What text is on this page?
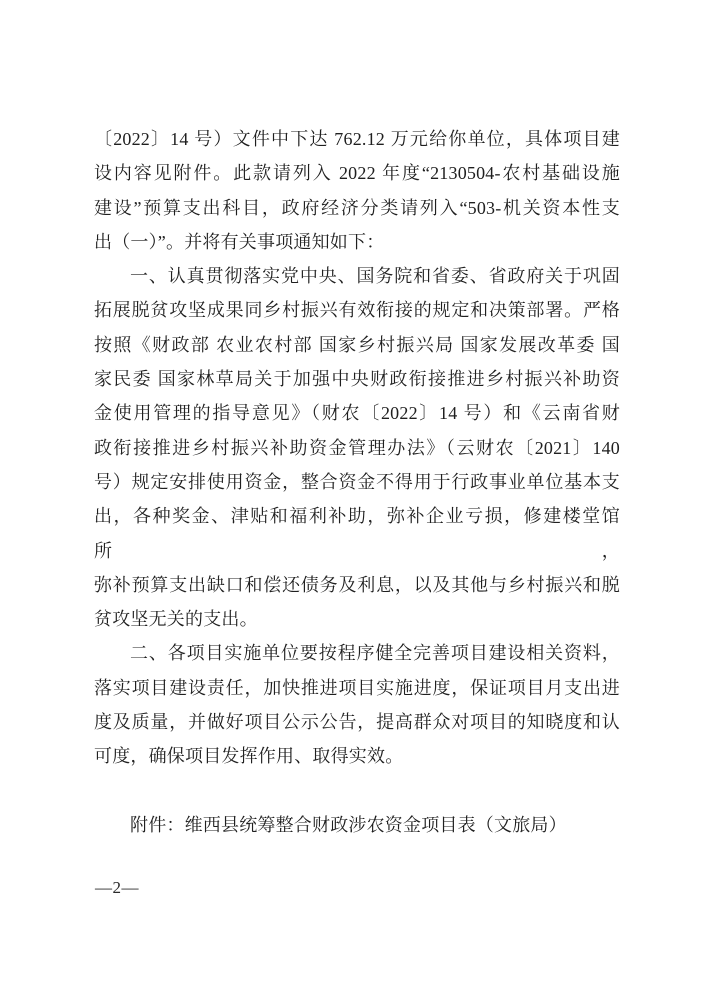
〔2022〕14 号）文件中下达 762.12 万元给你单位，具体项目建
设内容见附件。此款请列入 2022 年度“2130504-农村基础设施
建设”预算支出科目，政府经济分类请列入“503-机关资本性支
出（一）”。并将有关事项通知如下：
一、认真贯彻落实党中央、国务院和省委、省政府关于巩固
拓展脱贫攻坚成果同乡村振兴有效衔接的规定和决策部署。严格
按照《财政部 农业农村部 国家乡村振兴局 国家发展改革委 国
家民委 国家林草局关于加强中央财政衔接推进乡村振兴补助资
金使用管理的指导意见》（财农〔2022〕14 号）和《云南省财
政衔接推进乡村振兴补助资金管理办法》（云财农〔2021〕140
号）规定安排使用资金，整合资金不得用于行政事业单位基本支
出，各种奖金、津贴和福利补助，弥补企业亏损，修建楼堂馆所，
弥补预算支出缺口和偿还债务及利息，以及其他与乡村振兴和脱
贫攻坚无关的支出。
二、各项目实施单位要按程序健全完善项目建设相关资料，
落实项目建设责任，加快推进项目实施进度，保证项目月支出进
度及质量，并做好项目公示公告，提高群众对项目的知晓度和认
可度，确保项目发挥作用、取得实效。
附件：维西县统筹整合财政涉农资金项目表（文旅局）
—2—
